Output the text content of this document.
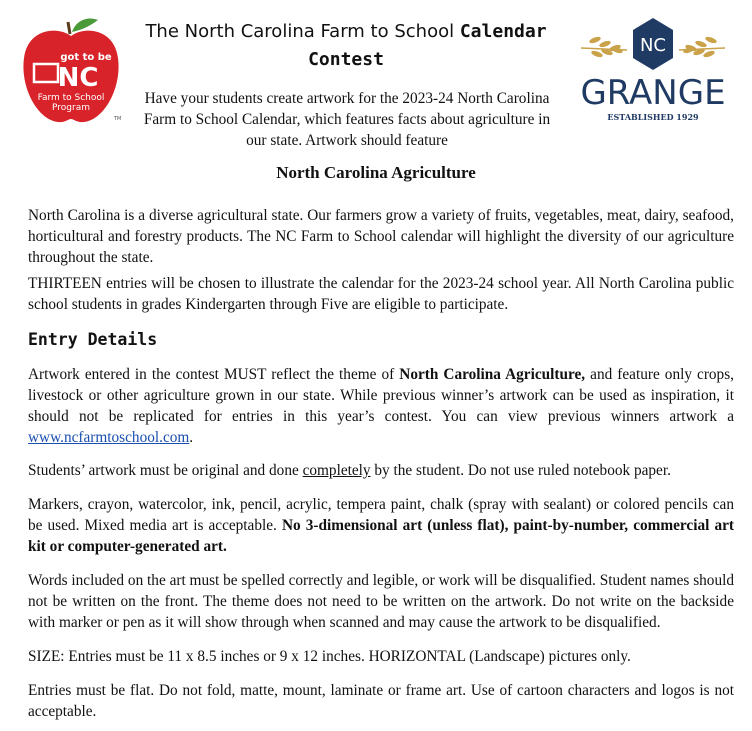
got to be
NC
Farm to School
Program
TM
NC
GRANGE
ESTABLISHED 1929
The North Carolina Farm to School Calendar Contest
Have your students create artwork for the 2023-24 North Carolina Farm to School Calendar, which features facts about agriculture in our state. Artwork should feature
North Carolina Agriculture
North Carolina is a diverse agricultural state. Our farmers grow a variety of fruits, vegetables, meat, dairy, seafood, horticultural and forestry products. The NC Farm to School calendar will highlight the diversity of our agriculture throughout the state.
THIRTEEN entries will be chosen to illustrate the calendar for the 2023-24 school year. All North Carolina public school students in grades Kindergarten through Five are eligible to participate.
Entry Details
Artwork entered in the contest MUST reflect the theme of North Carolina Agriculture, and feature only crops, livestock or other agriculture grown in our state. While previous winner’s artwork can be used as inspiration, it should not be replicated for entries in this year’s contest. You can view previous winners artwork a www.ncfarmtoschool.com.
Students’ artwork must be original and done completely by the student. Do not use ruled notebook paper.
Markers, crayon, watercolor, ink, pencil, acrylic, tempera paint, chalk (spray with sealant) or colored pencils can be used. Mixed media art is acceptable. No 3-dimensional art (unless flat), paint-by-number, commercial art kit or computer-generated art.
Words included on the art must be spelled correctly and legible, or work will be disqualified. Student names should not be written on the front. The theme does not need to be written on the artwork. Do not write on the backside with marker or pen as it will show through when scanned and may cause the artwork to be disqualified.
SIZE: Entries must be 11 x 8.5 inches or 9 x 12 inches. HORIZONTAL (Landscape) pictures only.
Entries must be flat. Do not fold, matte, mount, laminate or frame art. Use of cartoon characters and logos is not acceptable.
